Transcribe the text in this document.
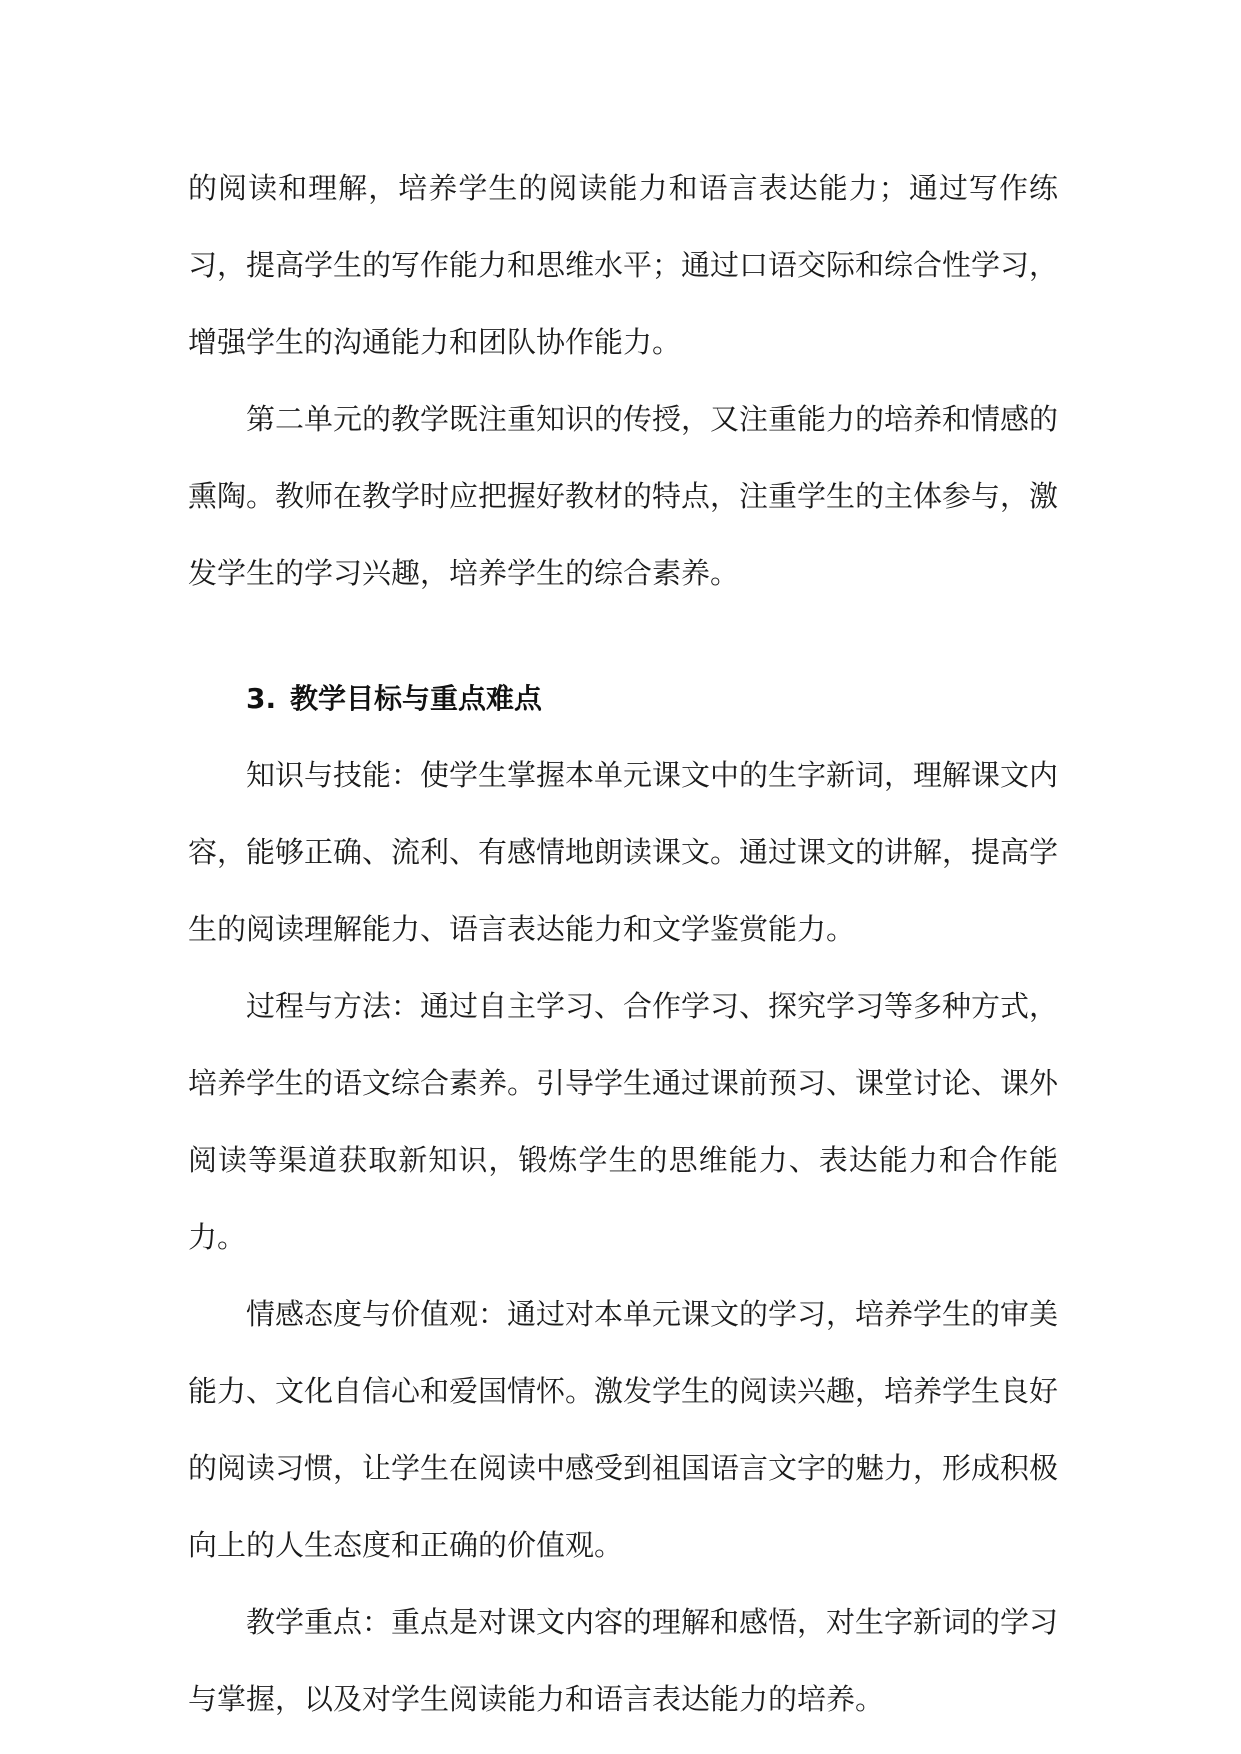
的阅读和理解，培养学生的阅读能力和语言表达能力；通过写作练习，提高学生的写作能力和思维水平；通过口语交际和综合性学习，增强学生的沟通能力和团队协作能力。

第二单元的教学既注重知识的传授，又注重能力的培养和情感的熏陶。教师在教学时应把握好教材的特点，注重学生的主体参与，激发学生的学习兴趣，培养学生的综合素养。

3. 教学目标与重点难点

知识与技能：使学生掌握本单元课文中的生字新词，理解课文内容，能够正确、流利、有感情地朗读课文。通过课文的讲解，提高学生的阅读理解能力、语言表达能力和文学鉴赏能力。

过程与方法：通过自主学习、合作学习、探究学习等多种方式，培养学生的语文综合素养。引导学生通过课前预习、课堂讨论、课外阅读等渠道获取新知识，锻炼学生的思维能力、表达能力和合作能力。

情感态度与价值观：通过对本单元课文的学习，培养学生的审美能力、文化自信心和爱国情怀。激发学生的阅读兴趣，培养学生良好的阅读习惯，让学生在阅读中感受到祖国语言文字的魅力，形成积极向上的人生态度和正确的价值观。

教学重点：重点是对课文内容的理解和感悟，对生字新词的学习与掌握，以及对学生阅读能力和语言表达能力的培养。
